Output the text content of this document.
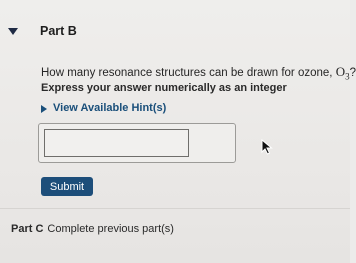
Part B
How many resonance structures can be drawn for ozone, $O_3$?
Express your answer numerically as an integer
View Available Hint(s)
Submit
Part C Complete previous part(s)
